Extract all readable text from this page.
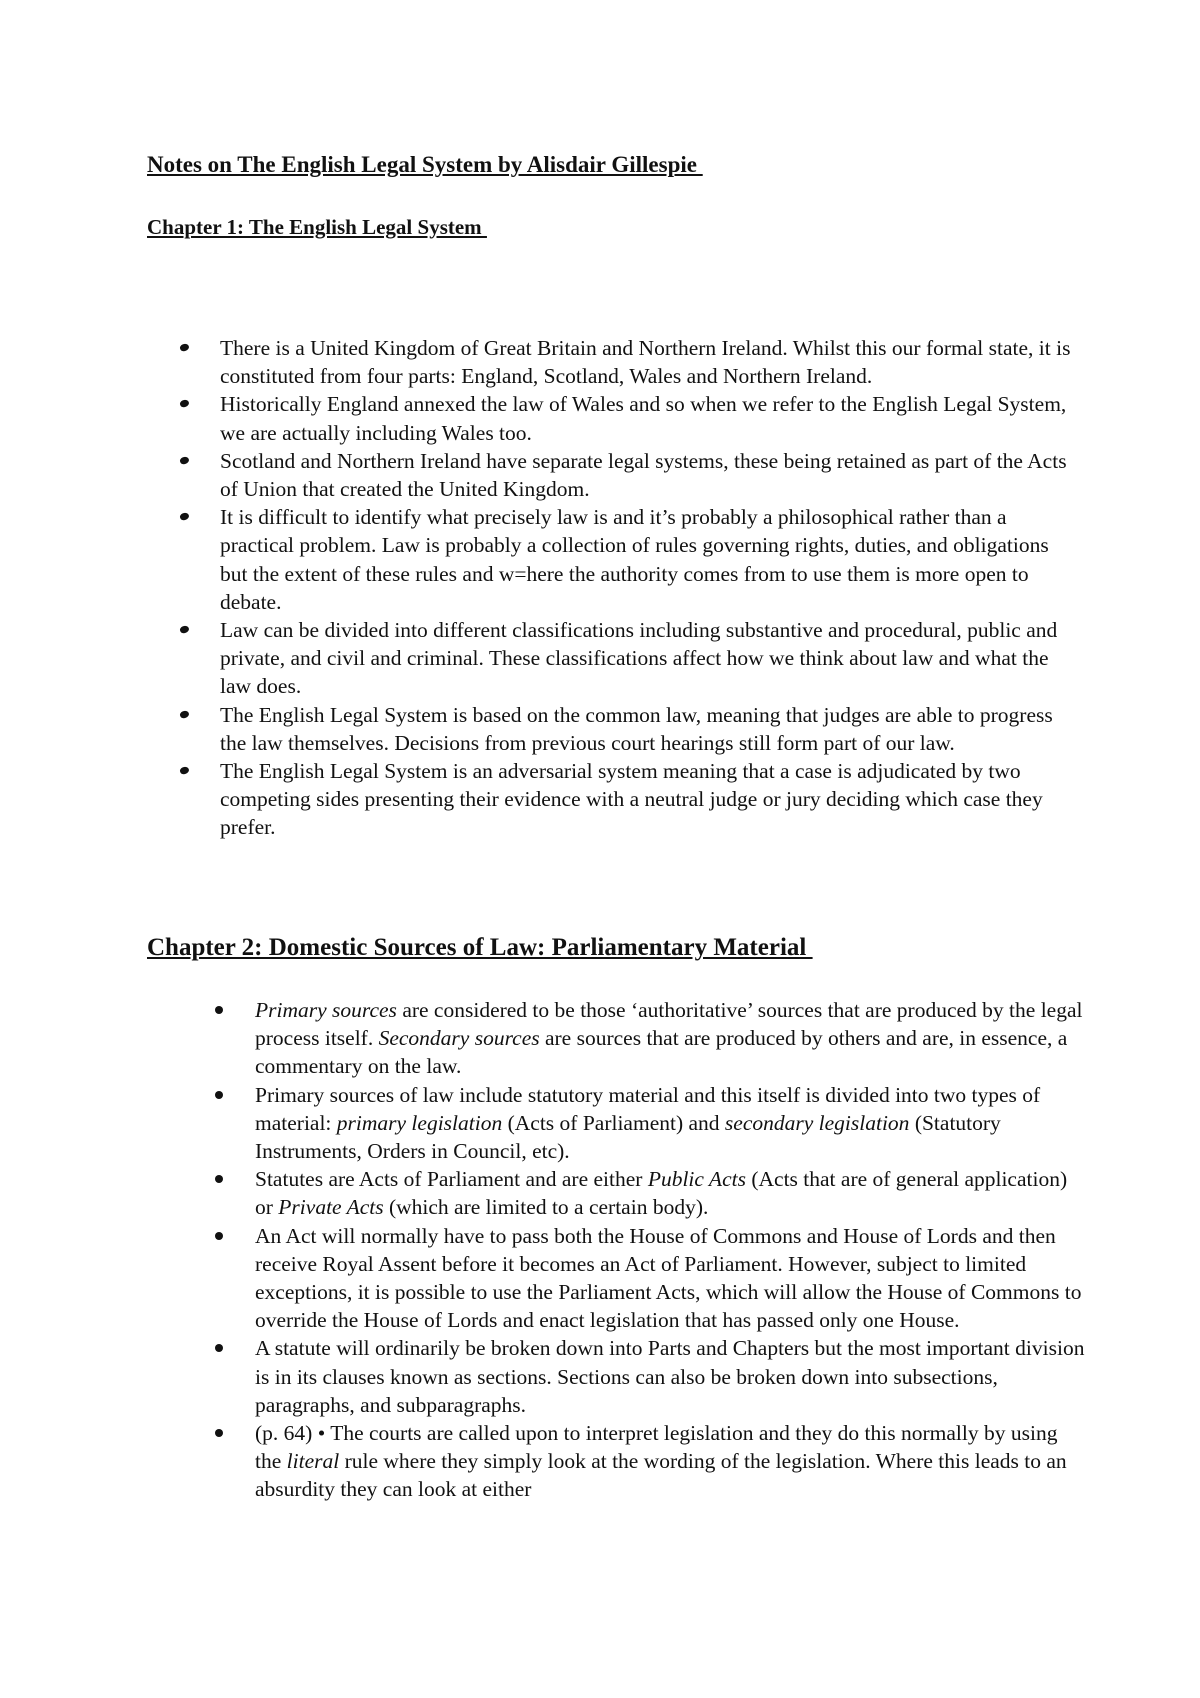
Notes on The English Legal System by Alisdair Gillespie
Chapter 1: The English Legal System
There is a United Kingdom of Great Britain and Northern Ireland. Whilst this our formal state, it is constituted from four parts: England, Scotland, Wales and Northern Ireland.
Historically England annexed the law of Wales and so when we refer to the English Legal System, we are actually including Wales too.
Scotland and Northern Ireland have separate legal systems, these being retained as part of the Acts of Union that created the United Kingdom.
It is difficult to identify what precisely law is and it’s probably a philosophical rather than a practical problem. Law is probably a collection of rules governing rights, duties, and obligations but the extent of these rules and w=here the authority comes from to use them is more open to debate.
Law can be divided into different classifications including substantive and procedural, public and private, and civil and criminal. These classifications affect how we think about law and what the law does.
The English Legal System is based on the common law, meaning that judges are able to progress the law themselves. Decisions from previous court hearings still form part of our law.
The English Legal System is an adversarial system meaning that a case is adjudicated by two competing sides presenting their evidence with a neutral judge or jury deciding which case they prefer.
Chapter 2: Domestic Sources of Law: Parliamentary Material
Primary sources are considered to be those ‘authoritative’ sources that are produced by the legal process itself. Secondary sources are sources that are produced by others and are, in essence, a commentary on the law.
Primary sources of law include statutory material and this itself is divided into two types of material: primary legislation (Acts of Parliament) and secondary legislation (Statutory Instruments, Orders in Council, etc).
Statutes are Acts of Parliament and are either Public Acts (Acts that are of general application) or Private Acts (which are limited to a certain body).
An Act will normally have to pass both the House of Commons and House of Lords and then receive Royal Assent before it becomes an Act of Parliament. However, subject to limited exceptions, it is possible to use the Parliament Acts, which will allow the House of Commons to override the House of Lords and enact legislation that has passed only one House.
A statute will ordinarily be broken down into Parts and Chapters but the most important division is in its clauses known as sections. Sections can also be broken down into subsections, paragraphs, and subparagraphs.
(p. 64) • The courts are called upon to interpret legislation and they do this normally by using the literal rule where they simply look at the wording of the legislation. Where this leads to an absurdity they can look at either
